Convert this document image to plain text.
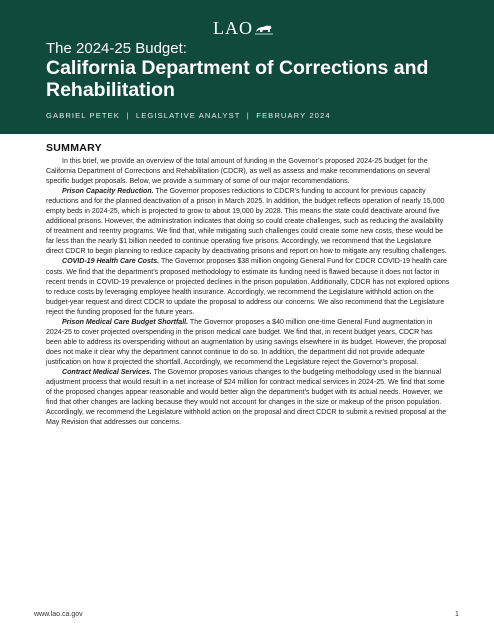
LAO
The 2024-25 Budget:
California Department of Corrections and Rehabilitation
GABRIEL PETEK | LEGISLATIVE ANALYST | FEBRUARY 2024
SUMMARY

In this brief, we provide an overview of the total amount of funding in the Governor’s proposed 2024-25 budget for the California Department of Corrections and Rehabilitation (CDCR), as well as assess and make recommendations on several specific budget proposals. Below, we provide a summary of some of our major recommendations.

Prison Capacity Reduction. The Governor proposes reductions to CDCR’s funding to account for previous capacity reductions and for the planned deactivation of a prison in March 2025. In addition, the budget reflects operation of nearly 15,000 empty beds in 2024-25, which is projected to grow to about 19,000 by 2028. This means the state could deactivate around five additional prisons. However, the administration indicates that doing so could create challenges, such as reducing the availability of treatment and reentry programs. We find that, while mitigating such challenges could create some new costs, these would be far less than the nearly $1 billion needed to continue operating five prisons. Accordingly, we recommend that the Legislature direct CDCR to begin planning to reduce capacity by deactivating prisons and report on how to mitigate any resulting challenges.

COVID-19 Health Care Costs. The Governor proposes $38 million ongoing General Fund for CDCR COVID-19 health care costs. We find that the department’s proposed methodology to estimate its funding need is flawed because it does not factor in recent trends in COVID-19 prevalence or projected declines in the prison population. Additionally, CDCR has not explored options to reduce costs by leveraging employee health insurance. Accordingly, we recommend the Legislature withhold action on the budget-year request and direct CDCR to update the proposal to address our concerns. We also recommend that the Legislature reject the funding proposed for the future years.

Prison Medical Care Budget Shortfall. The Governor proposes a $40 million one-time General Fund augmentation in 2024-25 to cover projected overspending in the prison medical care budget. We find that, in recent budget years, CDCR has been able to address its overspending without an augmentation by using savings elsewhere in its budget. However, the proposal does not make it clear why the department cannot continue to do so. In addition, the department did not provide adequate justification on how it projected the shortfall. Accordingly, we recommend the Legislature reject the Governor’s proposal.

Contract Medical Services. The Governor proposes various changes to the budgeting methodology used in the biannual adjustment process that would result in a net increase of $24 million for contract medical services in 2024-25. We find that some of the proposed changes appear reasonable and would better align the department’s budget with its actual needs. However, we find that other changes are lacking because they would not account for changes in the size or makeup of the prison population. Accordingly, we recommend the Legislature withhold action on the proposal and direct CDCR to submit a revised proposal at the May Revision that addresses our concerns.

www.lao.ca.gov	1
